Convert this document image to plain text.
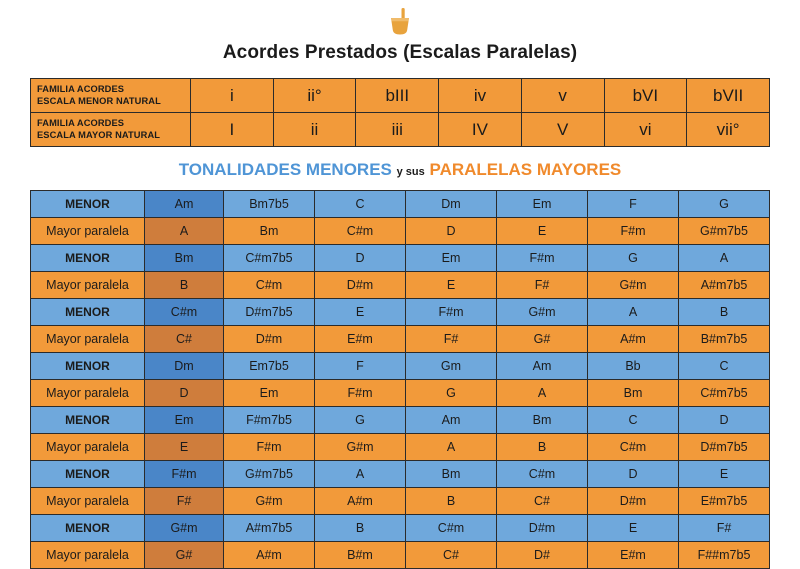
Acordes Prestados (Escalas Paralelas)
FAMILIA ACORDES
ESCALA MENOR NATURAL	i	ii°	bIII	iv	v	bVI	bVII
FAMILIA ACORDES
ESCALA MAYOR NATURAL	I	ii	iii	IV	V	vi	vii°
TONALIDADES MENORES y sus PARALELAS MAYORES
MENOR	Am	Bm7b5	C	Dm	Em	F	G
Mayor paralela	A	Bm	C#m	D	E	F#m	G#m7b5
MENOR	Bm	C#m7b5	D	Em	F#m	G	A
Mayor paralela	B	C#m	D#m	E	F#	G#m	A#m7b5
MENOR	C#m	D#m7b5	E	F#m	G#m	A	B
Mayor paralela	C#	D#m	E#m	F#	G#	A#m	B#m7b5
MENOR	Dm	Em7b5	F	Gm	Am	Bb	C
Mayor paralela	D	Em	F#m	G	A	Bm	C#m7b5
MENOR	Em	F#m7b5	G	Am	Bm	C	D
Mayor paralela	E	F#m	G#m	A	B	C#m	D#m7b5
MENOR	F#m	G#m7b5	A	Bm	C#m	D	E
Mayor paralela	F#	G#m	A#m	B	C#	D#m	E#m7b5
MENOR	G#m	A#m7b5	B	C#m	D#m	E	F#
Mayor paralela	G#	A#m	B#m	C#	D#	E#m	F##m7b5
